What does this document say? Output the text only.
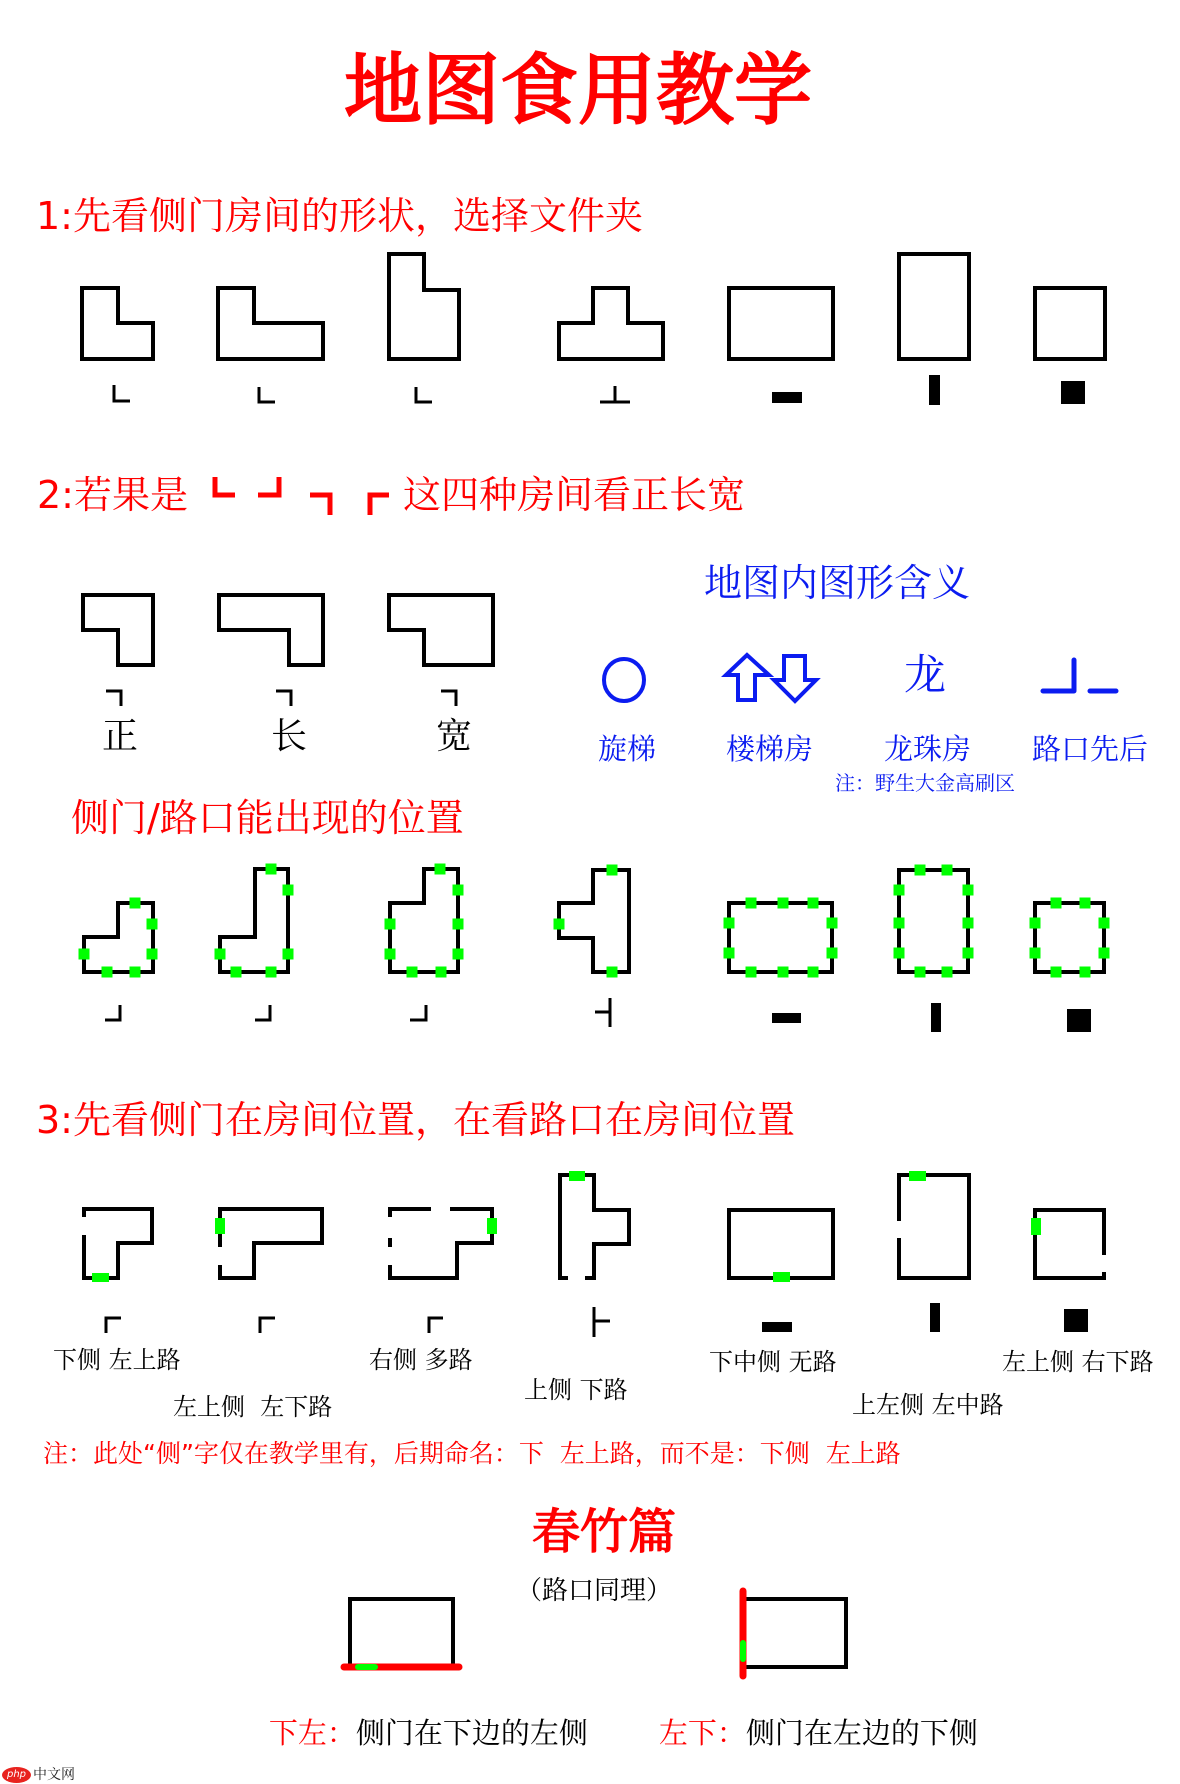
地图食用教学
1:先看侧门房间的形状，选择文件夹
2:若果是	这四种房间看正长宽
正	长	宽
地图内图形含义
龙
旋梯 楼梯房 龙珠房 路口先后
注：野生大金高刷区
侧门/路口能出现的位置
3:先看侧门在房间位置，在看路口在房间位置
下侧 左上路
左上侧  左下路
右侧 多路
上侧 下路
下中侧 无路
上左侧 左中路
左上侧 右下路
注：此处“侧”字仅在教学里有，后期命名：下  左上路，而不是：下侧  左上路
春竹篇
（路口同理）

下左：侧门在下边的左侧
	左下：侧门在左边的下侧

php 中文网
